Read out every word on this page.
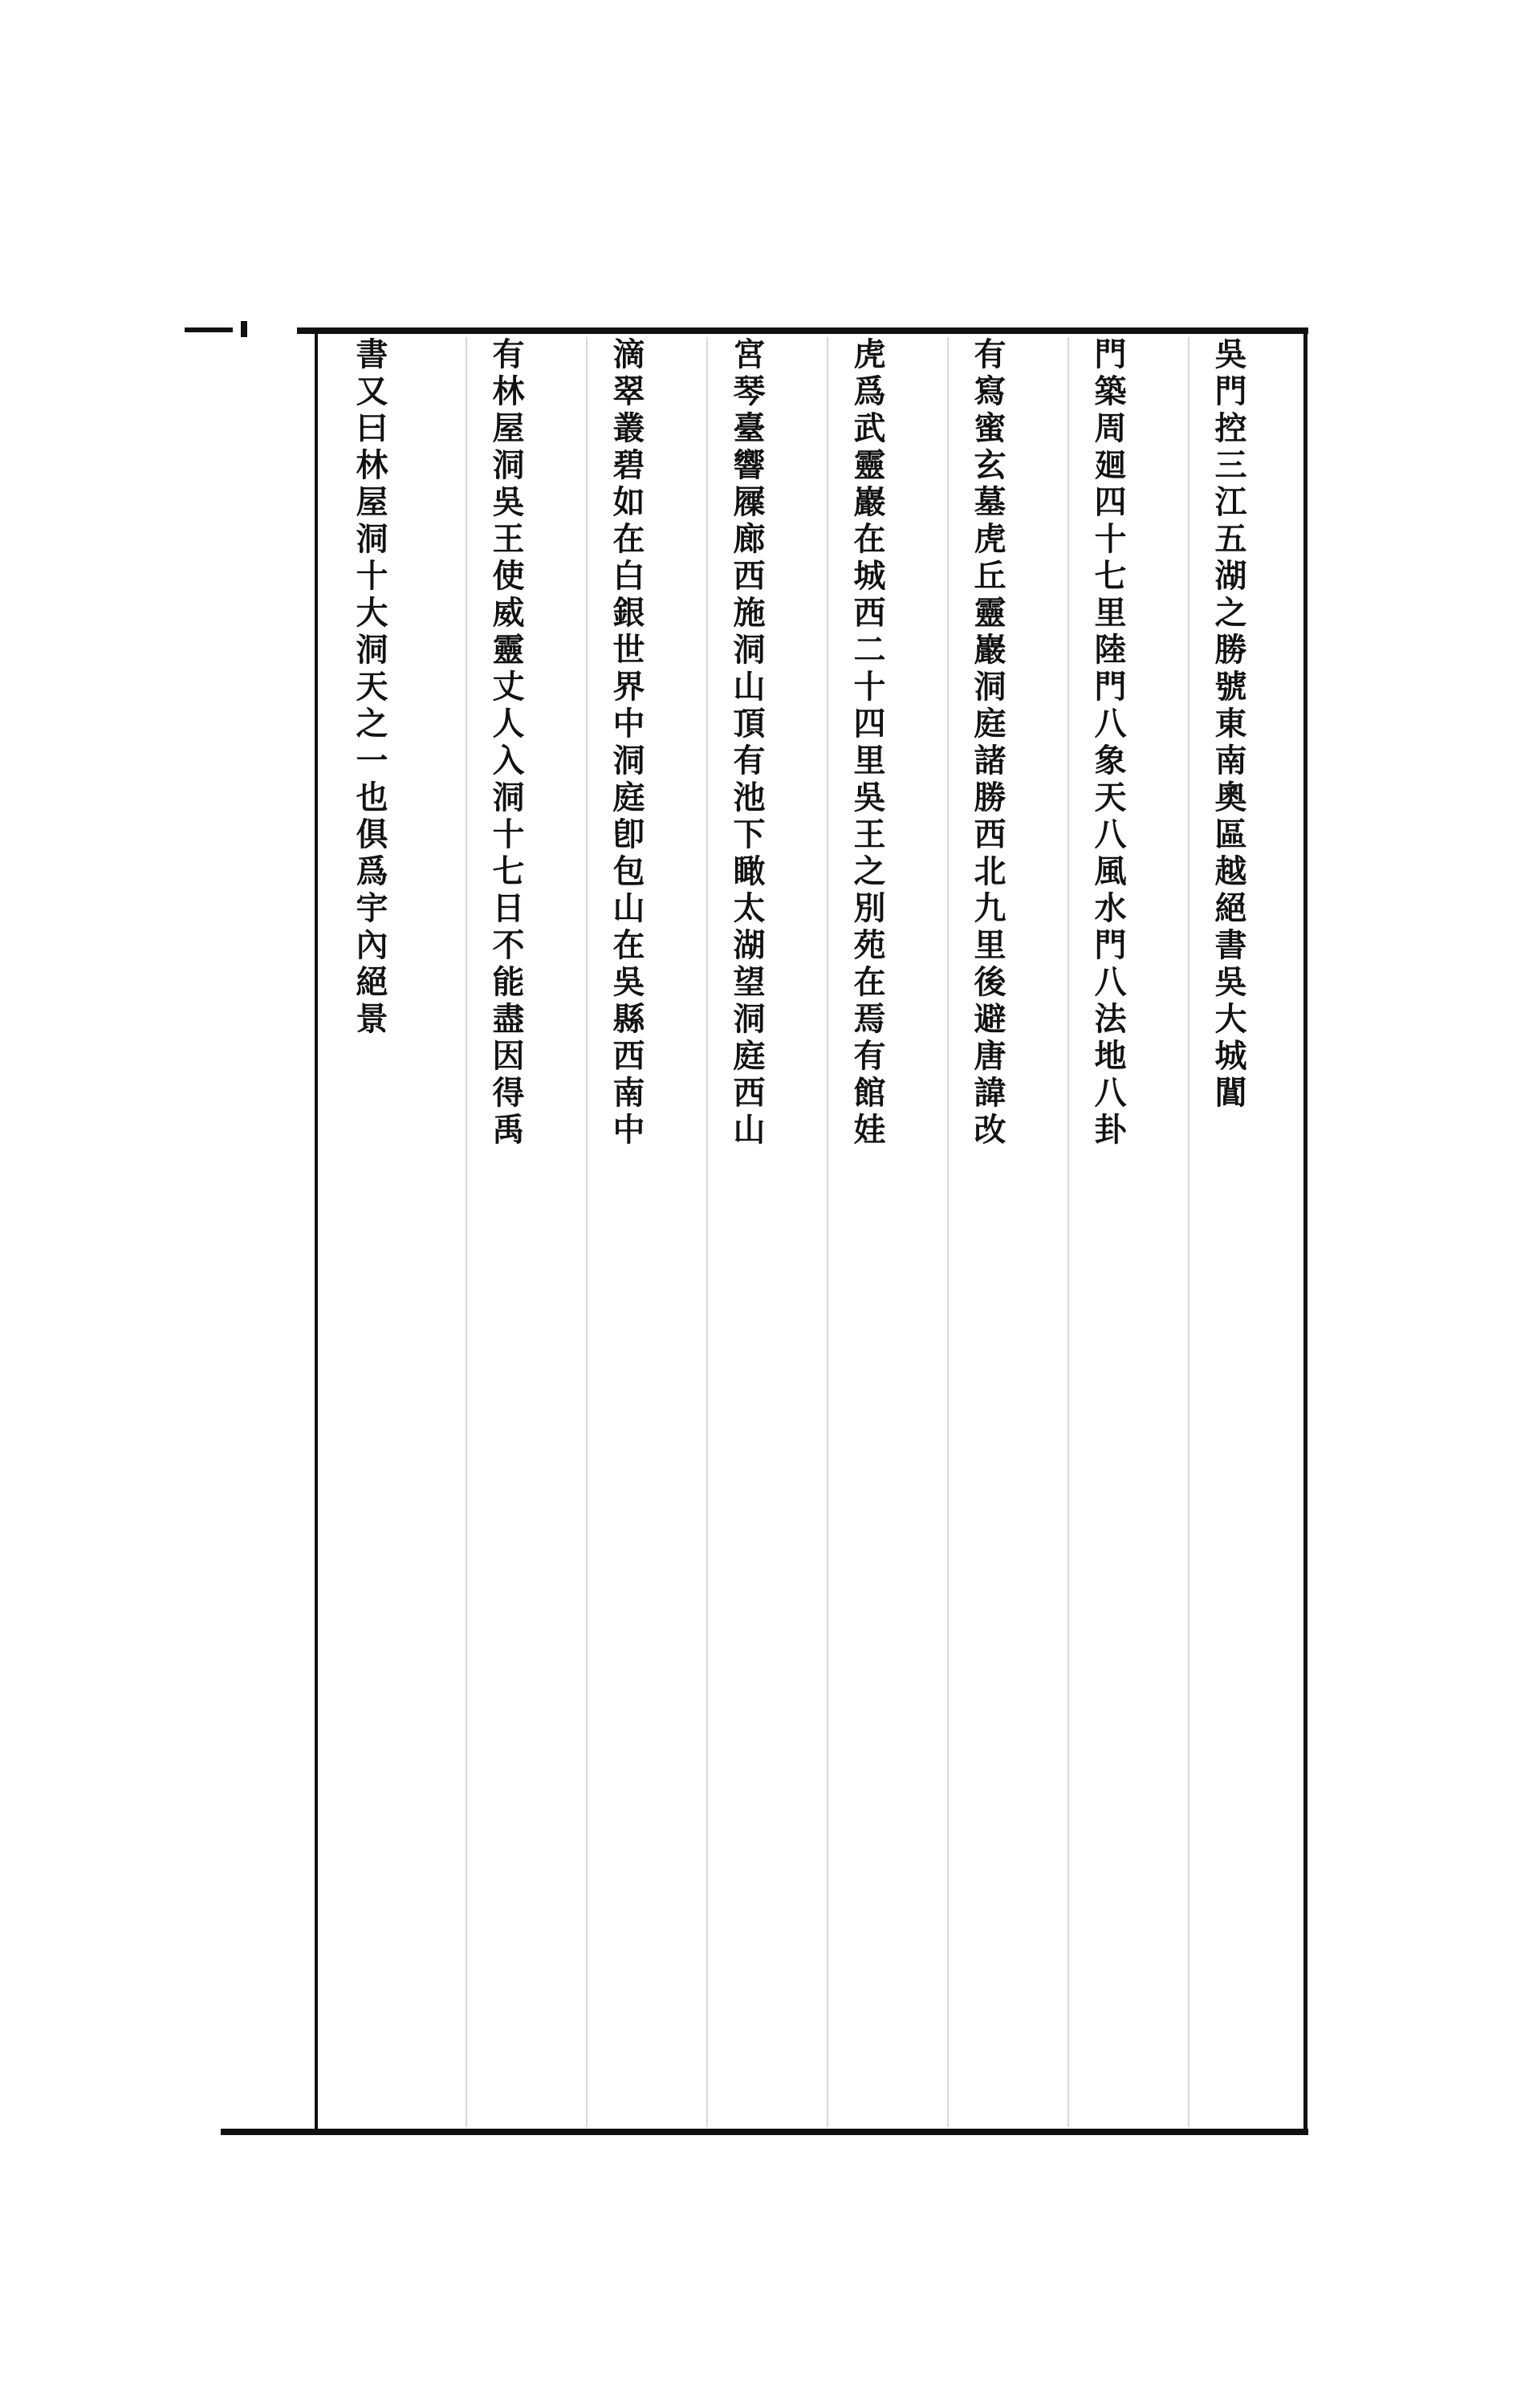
吳門控三江五湖之勝號東南奧區越絕書吳大城閶
門築周廻四十七里陸門八象天八風水門八法地八卦
有寫蜜玄墓虎丘靈巖洞庭諸勝西北九里後避唐諱改
虎爲武靈巖在城西二十四里吳王之別苑在焉有館娃
宮琴臺響屧廊西施洞山頂有池下瞰太湖望洞庭西山
滴翠叢碧如在白銀世界中洞庭卽包山在吳縣西南中
有林屋洞吳王使威靈丈人入洞十七日不能盡因得禹
書又曰林屋洞十大洞天之一也俱爲宇內絕景
